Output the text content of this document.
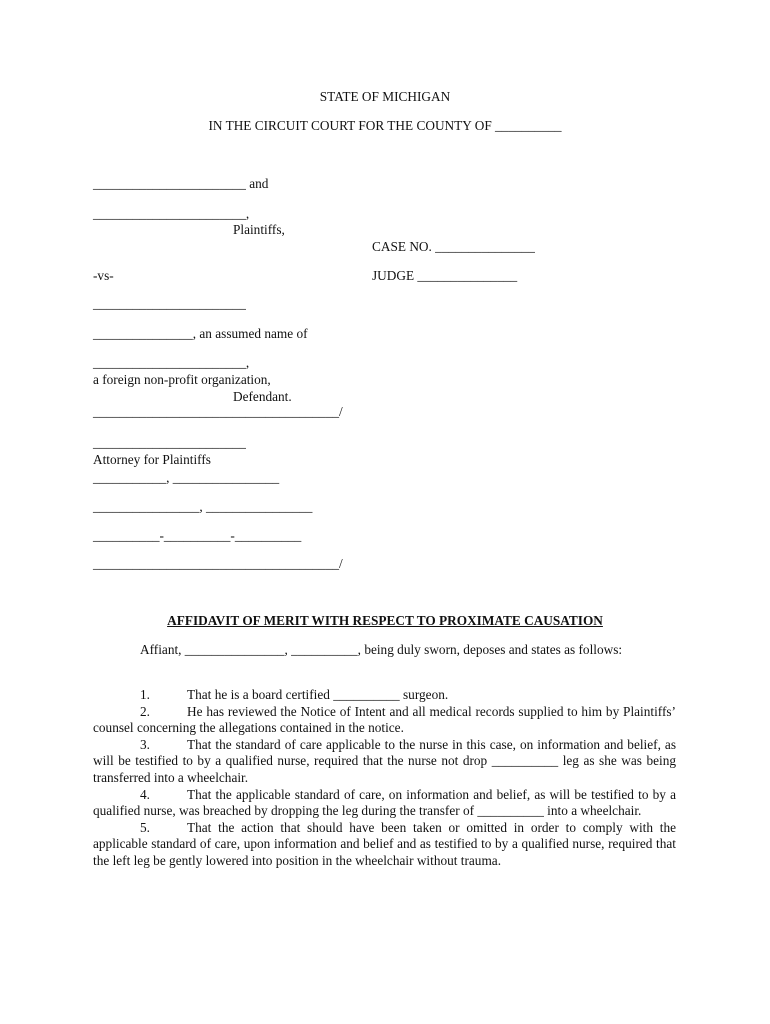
STATE OF MICHIGAN
IN THE CIRCUIT COURT FOR THE COUNTY OF __________
_______________________ and
_______________________,
Plaintiffs,
CASE NO. _______________
-vs-	JUDGE _______________
_______________________
_______________, an assumed name of
_______________________,
a foreign non-profit organization,
Defendant.
_____________________________________/
_______________________
Attorney for Plaintiffs
___________, ________________
________________, ________________
__________-__________-__________
_____________________________________/
AFFIDAVIT OF MERIT WITH RESPECT TO PROXIMATE CAUSATION
Affiant, _______________, __________, being duly sworn, deposes and states as follows:
1.	That he is a board certified __________ surgeon.
2.	He has reviewed the Notice of Intent and all medical records supplied to him by Plaintiffs’ counsel concerning the allegations contained in the notice.
3.	That the standard of care applicable to the nurse in this case, on information and belief, as will be testified to by a qualified nurse, required that the nurse not drop __________ leg as she was being transferred into a wheelchair.
4.	That the applicable standard of care, on information and belief, as will be testified to by a qualified nurse, was breached by dropping the leg during the transfer of __________ into a wheelchair.
5.	That the action that should have been taken or omitted in order to comply with the applicable standard of care, upon information and belief and as testified to by a qualified nurse, required that the left leg be gently lowered into position in the wheelchair without trauma.
